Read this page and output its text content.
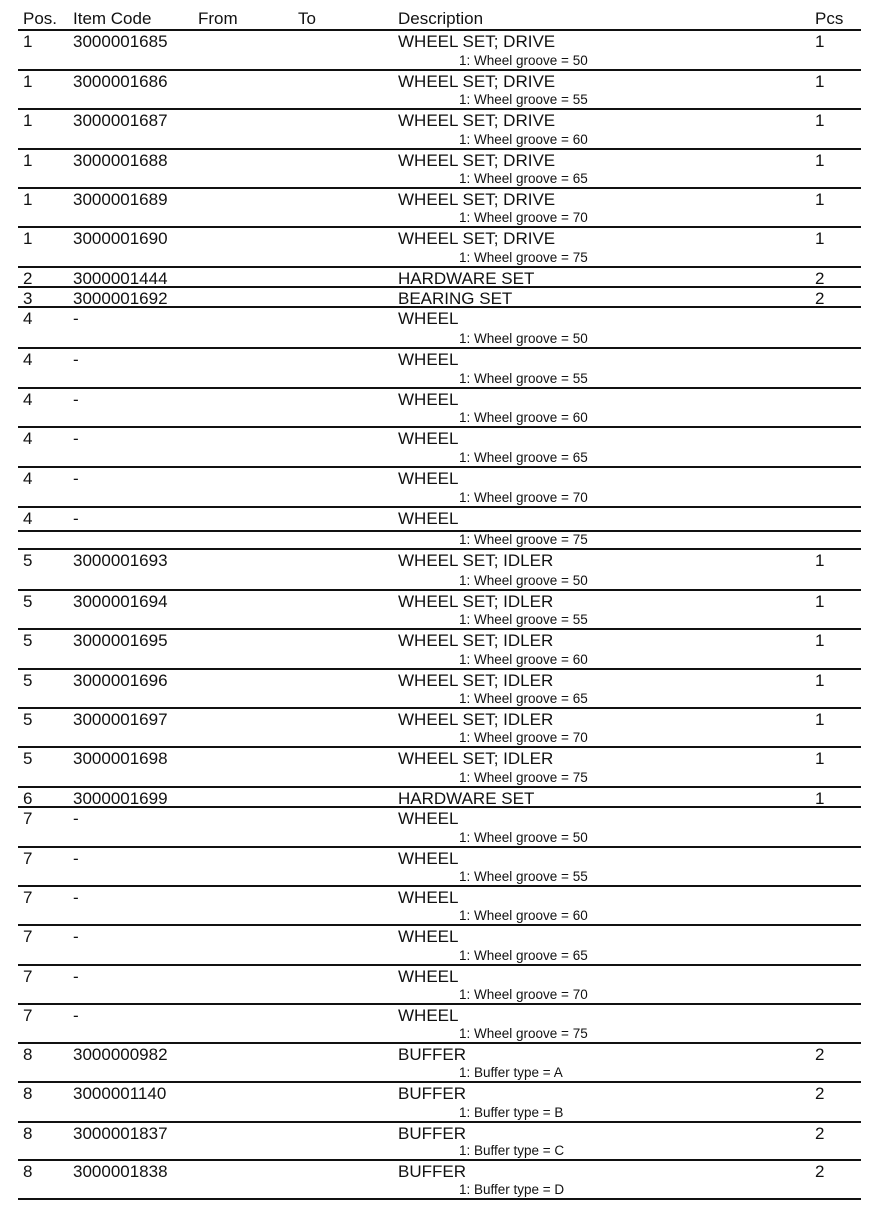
Pos. Item Code	From	To	Description	Pcs
1 3000001685	WHEEL SET; DRIVE	1
1: Wheel groove = 50
1 3000001686	WHEEL SET; DRIVE	1
1: Wheel groove = 55
1 3000001687	WHEEL SET; DRIVE	1
1: Wheel groove = 60
1 3000001688	WHEEL SET; DRIVE	1
1: Wheel groove = 65
1 3000001689	WHEEL SET; DRIVE	1
1: Wheel groove = 70
1 3000001690	WHEEL SET; DRIVE	1
1: Wheel groove = 75
2 3000001444	HARDWARE SET	2
3 3000001692	BEARING SET	2
4 -	WHEEL
1: Wheel groove = 50
4 -	WHEEL
1: Wheel groove = 55
4 -	WHEEL
1: Wheel groove = 60
4 -	WHEEL
1: Wheel groove = 65
4 -	WHEEL
1: Wheel groove = 70
4 -	WHEEL
1: Wheel groove = 75
5 3000001693	WHEEL SET; IDLER	1
1: Wheel groove = 50
5 3000001694	WHEEL SET; IDLER	1
1: Wheel groove = 55
5 3000001695	WHEEL SET; IDLER	1
1: Wheel groove = 60
5 3000001696	WHEEL SET; IDLER	1
1: Wheel groove = 65
5 3000001697	WHEEL SET; IDLER	1
1: Wheel groove = 70
5 3000001698	WHEEL SET; IDLER	1
1: Wheel groove = 75
6 3000001699	HARDWARE SET	1
7 -	WHEEL
1: Wheel groove = 50
7 -	WHEEL
1: Wheel groove = 55
7 -	WHEEL
1: Wheel groove = 60
7 -	WHEEL
1: Wheel groove = 65
7 -	WHEEL
1: Wheel groove = 70
7 -	WHEEL
1: Wheel groove = 75
8 3000000982	BUFFER	2
1: Buffer type = A
8 3000001140	BUFFER	2
1: Buffer type = B
8 3000001837	BUFFER	2
1: Buffer type = C
8 3000001838	BUFFER	2
1: Buffer type = D
